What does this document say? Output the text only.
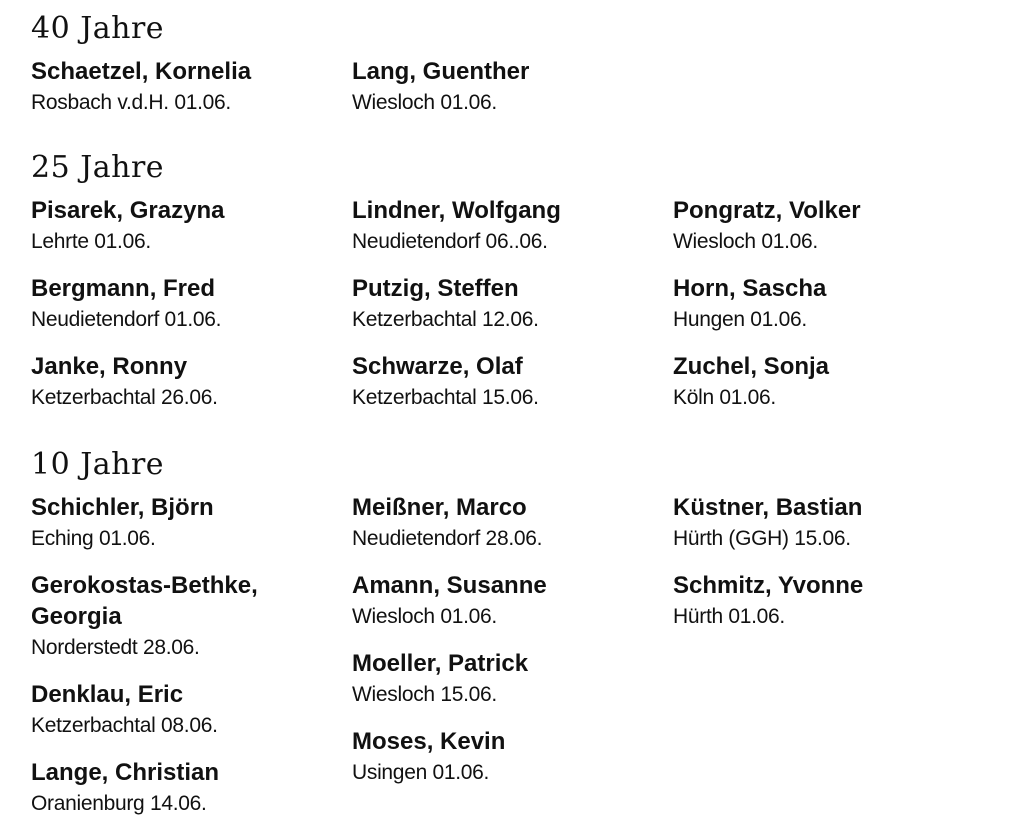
40 Jahre
Schaetzel, Kornelia
Rosbach v.d.H. 01.06.
Lang, Guenther
Wiesloch 01.06.
25 Jahre
Pisarek, Grazyna
Lehrte 01.06.
Bergmann, Fred
Neudietendorf 01.06.
Janke, Ronny
Ketzerbachtal 26.06.
Lindner, Wolfgang
Neudietendorf 06..06.
Putzig, Steffen
Ketzerbachtal 12.06.
Schwarze, Olaf
Ketzerbachtal 15.06.
Pongratz, Volker
Wiesloch 01.06.
Horn, Sascha
Hungen 01.06.
Zuchel, Sonja
Köln 01.06.
10 Jahre
Schichler, Björn
Eching 01.06.
Gerokostas-Bethke, Georgia
Norderstedt 28.06.
Denklau, Eric
Ketzerbachtal 08.06.
Lange, Christian
Oranienburg 14.06.
Meißner, Marco
Neudietendorf 28.06.
Amann, Susanne
Wiesloch 01.06.
Moeller, Patrick
Wiesloch 15.06.
Moses, Kevin
Usingen 01.06.
Küstner, Bastian
Hürth (GGH) 15.06.
Schmitz, Yvonne
Hürth 01.06.
